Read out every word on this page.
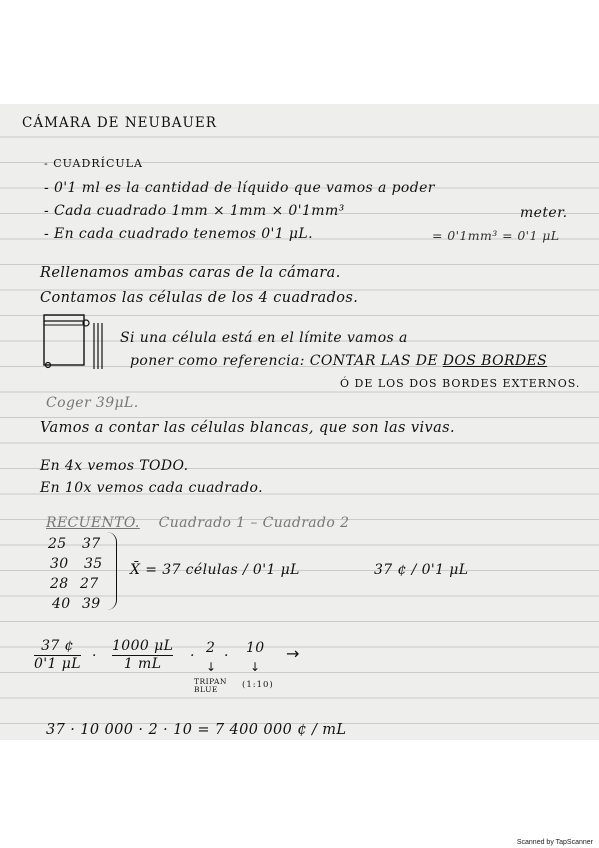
CÁMARA DE NEUBAUER
- CUADRÍCULA
- 0'1 ml es la cantidad de líquido que vamos a poder
- Cada cuadrado 1mm × 1mm × 0'1mm³	meter.
- En cada cuadrado tenemos 0'1 μL.	= 0'1mm³ = 0'1 μL
Rellenamos ambas caras de la cámara.
Contamos las células de los 4 cuadrados.
Si una célula está en el límite vamos a
poner como referencia: CONTAR LAS DE DOS BORDES
Ó DE LOS DOS BORDES EXTERNOS.
Coger 39μL.
Vamos a contar las células blancas, que son las vivas.
En 4x vemos TODO.
En 10x vemos cada cuadrado.
RECUENTO. Cuadrado 1 – Cuadrado 2
25 37
30 35
28 27
40 39
X̄ = 37 células / 0'1 μL	37 ¢ / 0'1 μL
37 ¢
0'1 μL ·
1000 μL
1 mL	· 2 · 10 →
↓	↓
TRIPAN
BLUE	(1:10)
37 · 10 000 · 2 · 10 = 7 400 000 ¢ / mL
Scanned by TapScanner
